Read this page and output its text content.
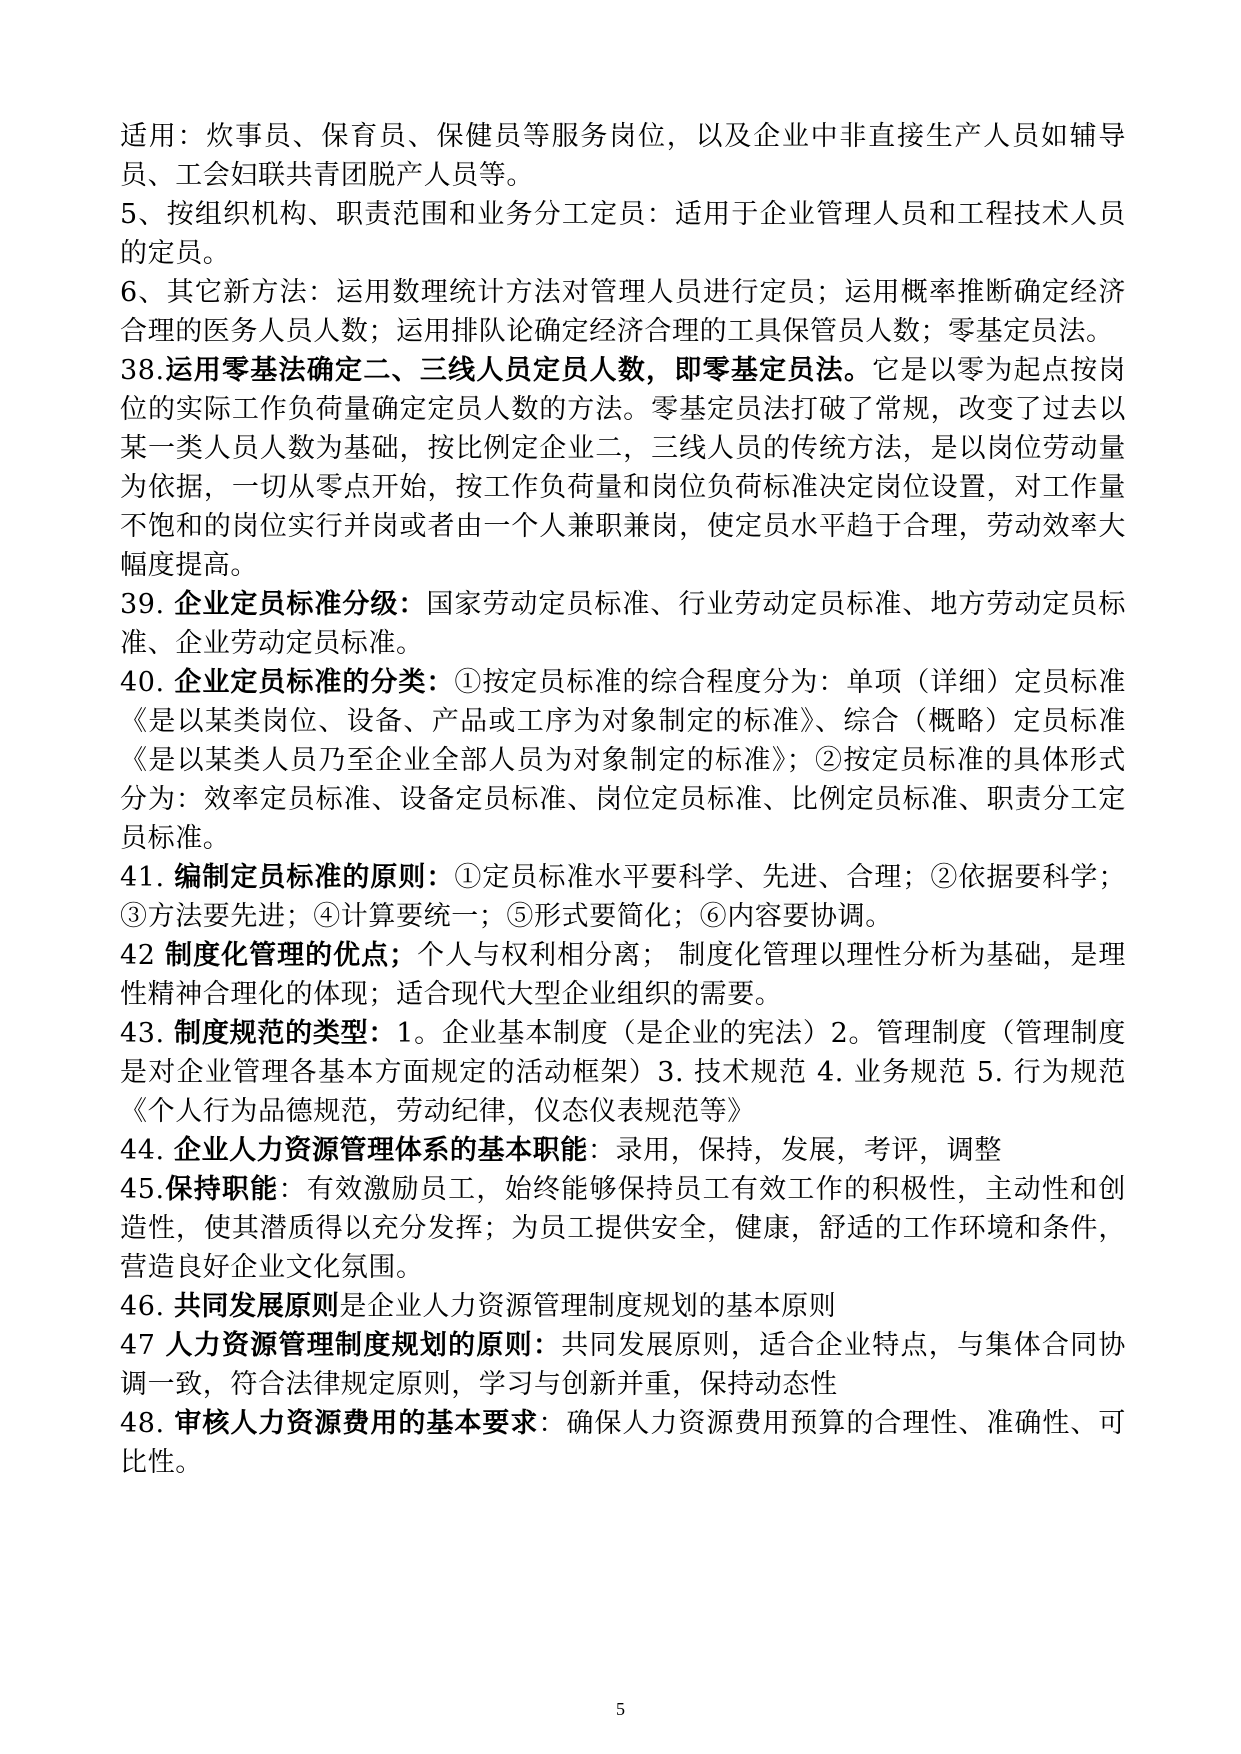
适用：炊事员、保育员、保健员等服务岗位，以及企业中非直接生产人员如辅导员、工会妇联共青团脱产人员等。

5、按组织机构、职责范围和业务分工定员：适用于企业管理人员和工程技术人员的定员。

6、其它新方法：运用数理统计方法对管理人员进行定员；运用概率推断确定经济合理的医务人员人数；运用排队论确定经济合理的工具保管员人数；零基定员法。

38.运用零基法确定二、三线人员定员人数，即零基定员法。它是以零为起点按岗位的实际工作负荷量确定定员人数的方法。零基定员法打破了常规，改变了过去以某一类人员人数为基础，按比例定企业二，三线人员的传统方法，是以岗位劳动量为依据，一切从零点开始，按工作负荷量和岗位负荷标准决定岗位设置，对工作量不饱和的岗位实行并岗或者由一个人兼职兼岗，使定员水平趋于合理，劳动效率大幅度提高。

39. 企业定员标准分级：国家劳动定员标准、行业劳动定员标准、地方劳动定员标准、企业劳动定员标准。

40. 企业定员标准的分类：①按定员标准的综合程度分为：单项（详细）定员标准《是以某类岗位、设备、产品或工序为对象制定的标准》、综合（概略）定员标准《是以某类人员乃至企业全部人员为对象制定的标准》；②按定员标准的具体形式分为：效率定员标准、设备定员标准、岗位定员标准、比例定员标准、职责分工定员标准。

41. 编制定员标准的原则：①定员标准水平要科学、先进、合理；②依据要科学；③方法要先进；④计算要统一；⑤形式要简化；⑥内容要协调。

42 制度化管理的优点；个人与权利相分离； 制度化管理以理性分析为基础，是理性精神合理化的体现；适合现代大型企业组织的需要。

43. 制度规范的类型：1。企业基本制度（是企业的宪法）2。管理制度（管理制度是对企业管理各基本方面规定的活动框架）3. 技术规范 4. 业务规范 5. 行为规范《个人行为品德规范，劳动纪律，仪态仪表规范等》

44. 企业人力资源管理体系的基本职能：录用，保持，发展，考评，调整

45.保持职能：有效激励员工，始终能够保持员工有效工作的积极性，主动性和创造性，使其潜质得以充分发挥；为员工提供安全，健康，舒适的工作环境和条件，营造良好企业文化氛围。

46. 共同发展原则是企业人力资源管理制度规划的基本原则

47 人力资源管理制度规划的原则：共同发展原则，适合企业特点，与集体合同协调一致，符合法律规定原则，学习与创新并重，保持动态性

48. 审核人力资源费用的基本要求：确保人力资源费用预算的合理性、准确性、可比性。

5
